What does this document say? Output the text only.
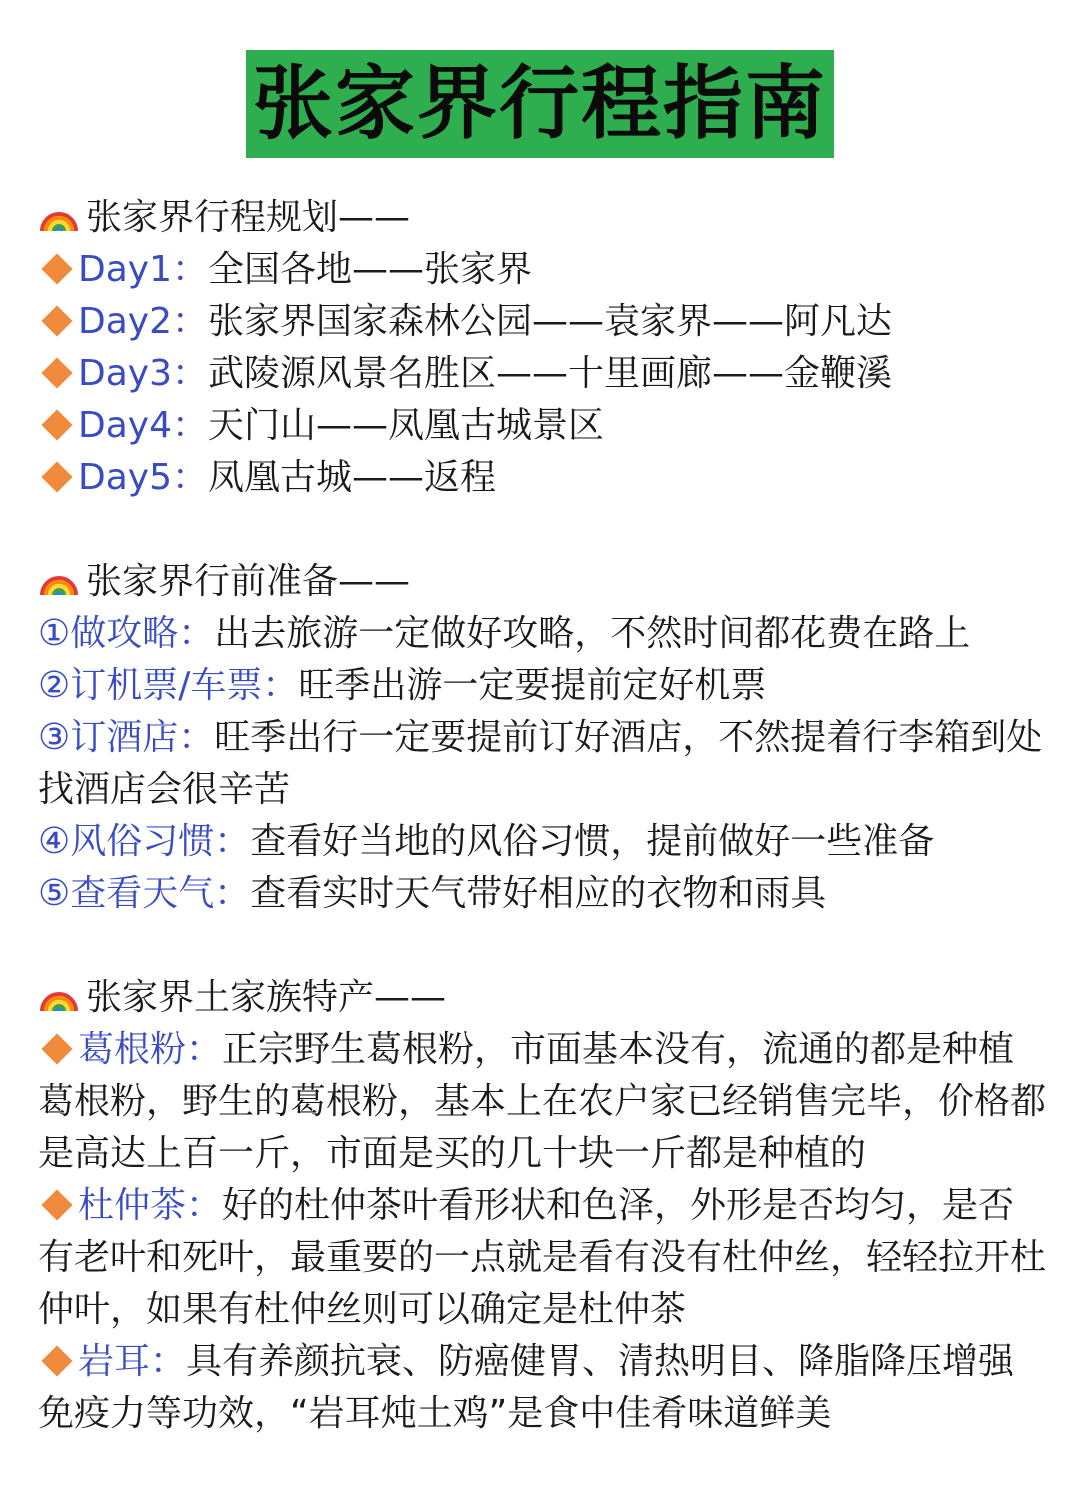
张家界行程指南
张家界行程规划——
Day1：全国各地——张家界
Day2：张家界国家森林公园——袁家界——阿凡达
Day3：武陵源风景名胜区——十里画廊——金鞭溪
Day4：天门山——凤凰古城景区
Day5：凤凰古城——返程
张家界行前准备——
①做攻略：出去旅游一定做好攻略，不然时间都花费在路上
②订机票/车票：旺季出游一定要提前定好机票
③订酒店：旺季出行一定要提前订好酒店，不然提着行李箱到处找酒店会很辛苦
④风俗习惯：查看好当地的风俗习惯，提前做好一些准备
⑤查看天气：查看实时天气带好相应的衣物和雨具
张家界土家族特产——
葛根粉：正宗野生葛根粉，市面基本没有，流通的都是种植葛根粉，野生的葛根粉，基本上在农户家已经销售完毕，价格都是高达上百一斤，市面是买的几十块一斤都是种植的
杜仲茶：好的杜仲茶叶看形状和色泽，外形是否均匀，是否有老叶和死叶，最重要的一点就是看有没有杜仲丝，轻轻拉开杜仲叶，如果有杜仲丝则可以确定是杜仲茶
岩耳：具有养颜抗衰、防癌健胃、清热明目、降脂降压增强免疫力等功效，“岩耳炖土鸡”是食中佳肴味道鲜美
